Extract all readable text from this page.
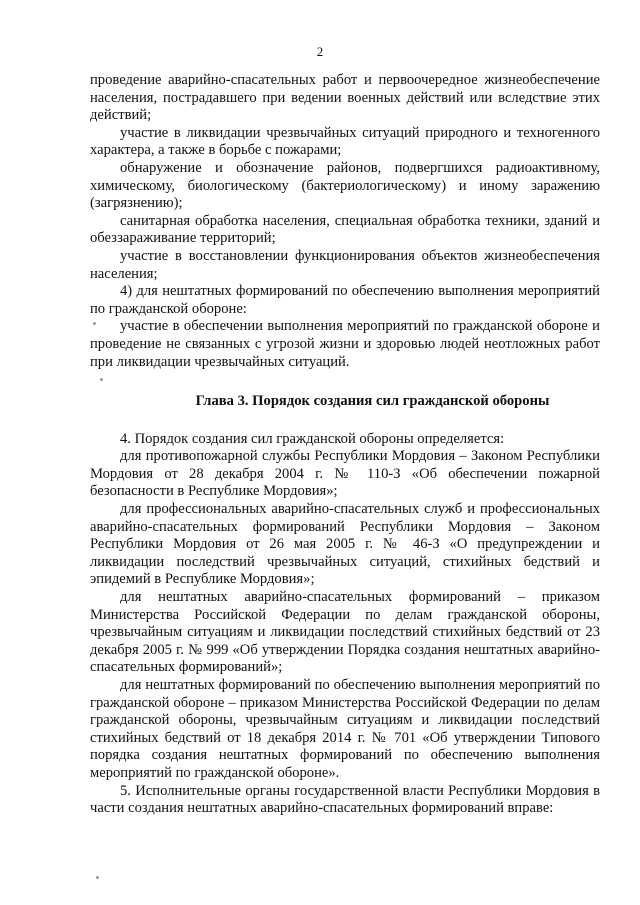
2

проведение аварийно-спасательных работ и первоочередное жизнеобеспечение населения, пострадавшего при ведении военных действий или вследствие этих действий;

участие в ликвидации чрезвычайных ситуаций природного и техногенного характера, а также в борьбе с пожарами;

обнаружение и обозначение районов, подвергшихся радиоактивному, химическому, биологическому (бактериологическому) и иному заражению (загрязнению);

санитарная обработка населения, специальная обработка техники, зданий и обеззараживание территорий;

участие в восстановлении функционирования объектов жизнеобеспечения населения;

4) для нештатных формирований по обеспечению выполнения мероприятий по гражданской обороне:

участие в обеспечении выполнения мероприятий по гражданской обороне и проведение не связанных с угрозой жизни и здоровью людей неотложных работ при ликвидации чрезвычайных ситуаций.

Глава 3. Порядок создания сил гражданской обороны

4. Порядок создания сил гражданской обороны определяется:

для противопожарной службы Республики Мордовия – Законом Республики Мордовия от 28 декабря 2004 г. № 110-З «Об обеспечении пожарной безопасности в Республике Мордовия»;

для профессиональных аварийно-спасательных служб и профессиональных аварийно-спасательных формирований Республики Мордовия – Законом Республики Мордовия от 26 мая 2005 г. № 46-З «О предупреждении и ликвидации последствий чрезвычайных ситуаций, стихийных бедствий и эпидемий в Республике Мордовия»;

для нештатных аварийно-спасательных формирований – приказом Министерства Российской Федерации по делам гражданской обороны, чрезвычайным ситуациям и ликвидации последствий стихийных бедствий от 23 декабря 2005 г. № 999 «Об утверждении Порядка создания нештатных аварийно-спасательных формирований»;

для нештатных формирований по обеспечению выполнения мероприятий по гражданской обороне – приказом Министерства Российской Федерации по делам гражданской обороны, чрезвычайным ситуациям и ликвидации последствий стихийных бедствий от 18 декабря 2014 г. № 701 «Об утверждении Типового порядка создания нештатных формирований по обеспечению выполнения мероприятий по гражданской обороне».

5. Исполнительные органы государственной власти Республики Мордовия в части создания нештатных аварийно-спасательных формирований вправе:
